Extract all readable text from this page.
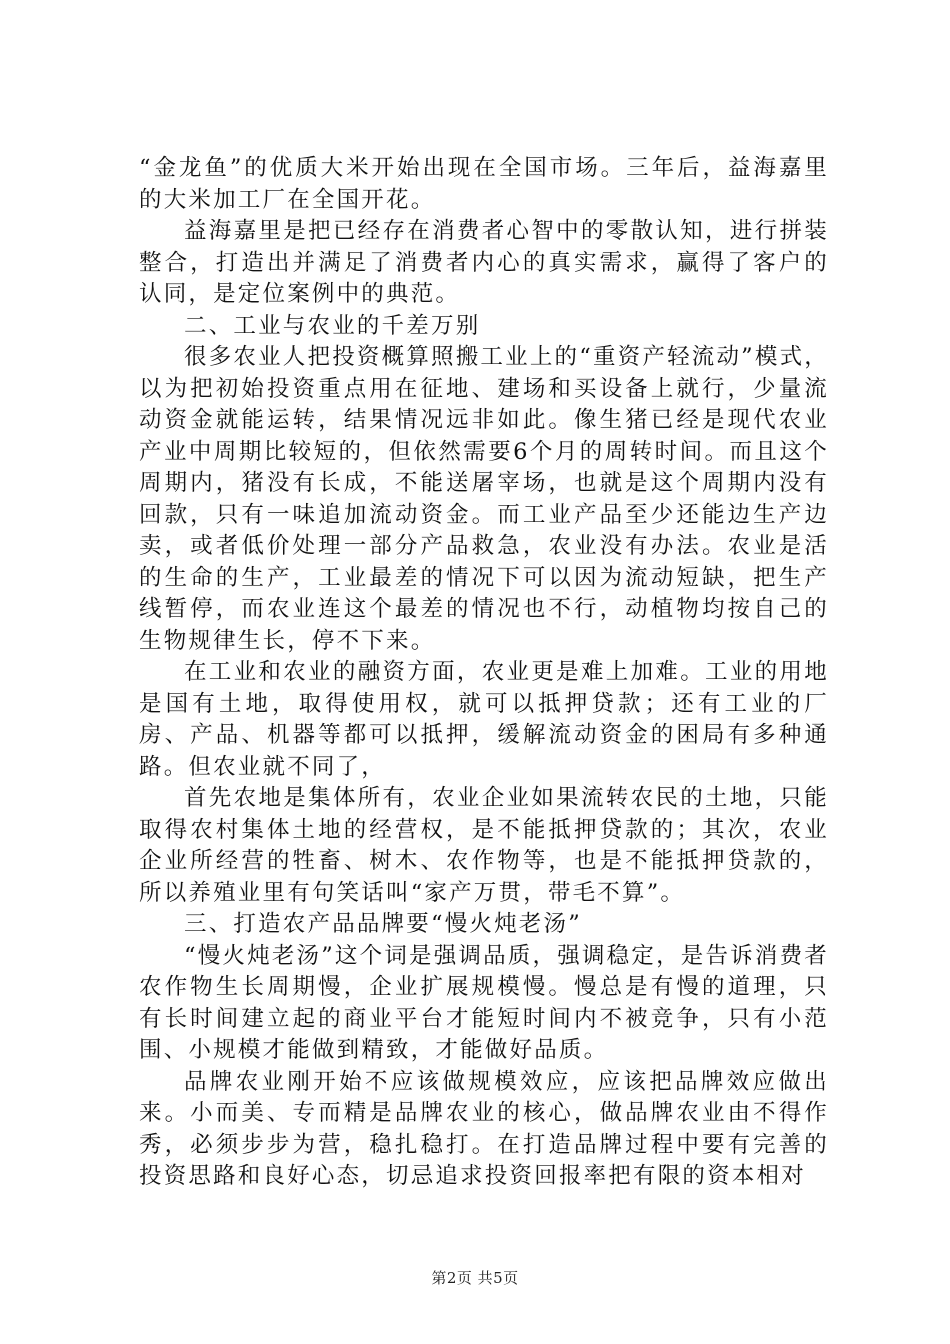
“金龙鱼”的优质大米开始出现在全国市场。三年后，益海嘉里的大米加工厂在全国开花。

益海嘉里是把已经存在消费者心智中的零散认知，进行拼装整合，打造出并满足了消费者内心的真实需求，赢得了客户的认同，是定位案例中的典范。

二、工业与农业的千差万别

很多农业人把投资概算照搬工业上的“重资产轻流动”模式，以为把初始投资重点用在征地、建场和买设备上就行，少量流动资金就能运转，结果情况远非如此。像生猪已经是现代农业产业中周期比较短的，但依然需要6个月的周转时间。而且这个周期内，猪没有长成，不能送屠宰场，也就是这个周期内没有回款，只有一味追加流动资金。而工业产品至少还能边生产边卖，或者低价处理一部分产品救急，农业没有办法。农业是活的生命的生产，工业最差的情况下可以因为流动短缺，把生产线暂停，而农业连这个最差的情况也不行，动植物均按自己的生物规律生长，停不下来。

在工业和农业的融资方面，农业更是难上加难。工业的用地是国有土地，取得使用权，就可以抵押贷款；还有工业的厂房、产品、机器等都可以抵押，缓解流动资金的困局有多种通路。但农业就不同了，

首先农地是集体所有，农业企业如果流转农民的土地，只能取得农村集体土地的经营权，是不能抵押贷款的；其次，农业企业所经营的牲畜、树木、农作物等，也是不能抵押贷款的，所以养殖业里有句笑话叫“家产万贯，带毛不算”。

三、打造农产品品牌要“慢火炖老汤”

“慢火炖老汤”这个词是强调品质，强调稳定，是告诉消费者农作物生长周期慢，企业扩展规模慢。慢总是有慢的道理，只有长时间建立起的商业平台才能短时间内不被竞争，只有小范围、小规模才能做到精致，才能做好品质。

品牌农业刚开始不应该做规模效应，应该把品牌效应做出来。小而美、专而精是品牌农业的核心，做品牌农业由不得作秀，必须步步为营，稳扎稳打。在打造品牌过程中要有完善的投资思路和良好心态，切忌追求投资回报率把有限的资本相对

第2页 共5页
